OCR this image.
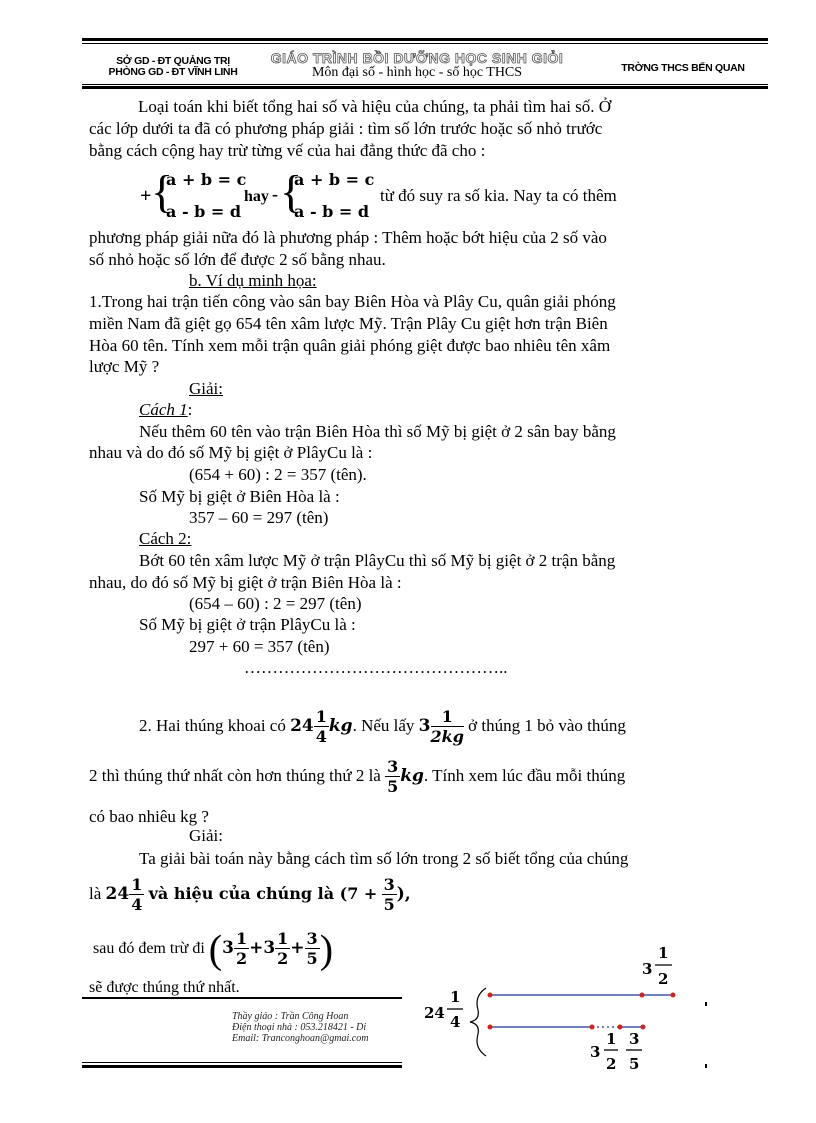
SỞ GD - ĐT QUẢNG TRỊ
PHÒNG GD - ĐT VĨNH LINH
GIÁO TRÌNH BỒI DƯỠNG HỌC SINH GIỎI
Môn đại số - hình học - số học THCS	TRỜNG THCS BẾN QUAN
Loại toán khi biết tổng hai số và hiệu của chúng, ta phải tìm hai số. Ở
các lớp dưới ta đã có phương pháp giải : tìm số lớn trước hoặc số nhỏ trước
bằng cách cộng hay trừ từng vế của hai đẳng thức đã cho :
+ {
a + b = c
a - b = d
hay - {
a + b = c
a - b = d
từ đó suy ra số kia. Nay ta có thêm
phương pháp giải nữa đó là phương pháp : Thêm hoặc bớt hiệu của 2 số vào
số nhỏ hoặc số lớn để được 2 số bằng nhau.
b. Ví dụ minh họa:
1.Trong hai trận tiến công vào sân bay Biên Hòa và Plây Cu, quân giải phóng
miền Nam đã giệt gọ 654 tên xâm lược Mỹ. Trận Plây Cu giệt hơn trận Biên
Hòa 60 tên. Tính xem mỗi trận quân giải phóng giệt được bao nhiêu tên xâm
lược Mỹ ?
Giải:
Cách 1:
Nếu thêm 60 tên vào trận Biên Hòa thì số Mỹ bị giệt ở 2 sân bay bằng
nhau và do đó số Mỹ bị giệt ở PlâyCu là :
(654 + 60) : 2 = 357 (tên).
Số Mỹ bị giệt ở Biên Hòa là :
357 – 60 = 297 (tên)
Cách 2:
Bớt 60 tên xâm lược Mỹ ở trận PlâyCu thì số Mỹ bị giệt ở 2 trận bằng
nhau, do đó số Mỹ bị giệt ở trận Biên Hòa là :
(654 – 60) : 2 = 297 (tên)
Số Mỹ bị giệt ở trận PlâyCu là :
297 + 60 = 357 (tên)
………………………………………..
2. Hai thúng khoai có $24 \frac{1}{4}$ kg. Nếu lấy $3 \frac{1}{2kg}$ ở thúng 1 bỏ vào thúng
2 thì thúng thứ nhất còn hơn thúng thứ 2 là $\frac{3}{5}$ kg. Tính xem lúc đầu mỗi thúng
có bao nhiêu kg ?
Giải:
Ta giải bài toán này bằng cách tìm số lớn trong 2 số biết tổng của chúng
là $24 \frac{1}{4}$ và hiệu của chúng là ($7 + \frac{3}{5}$ ),
sau đó đem trừ đi ($3 \frac{1}{2} +3 \frac{1}{2} + \frac{3}{5}$ )
sẽ được thúng thứ nhất.
Thầy giáo : Trần Công Hoan
Điện thoại nhà : 053.218421 - Di
Email: Tranconghoan@gmai.com
24
1
4
3
1
2
3
1
2
3
5
